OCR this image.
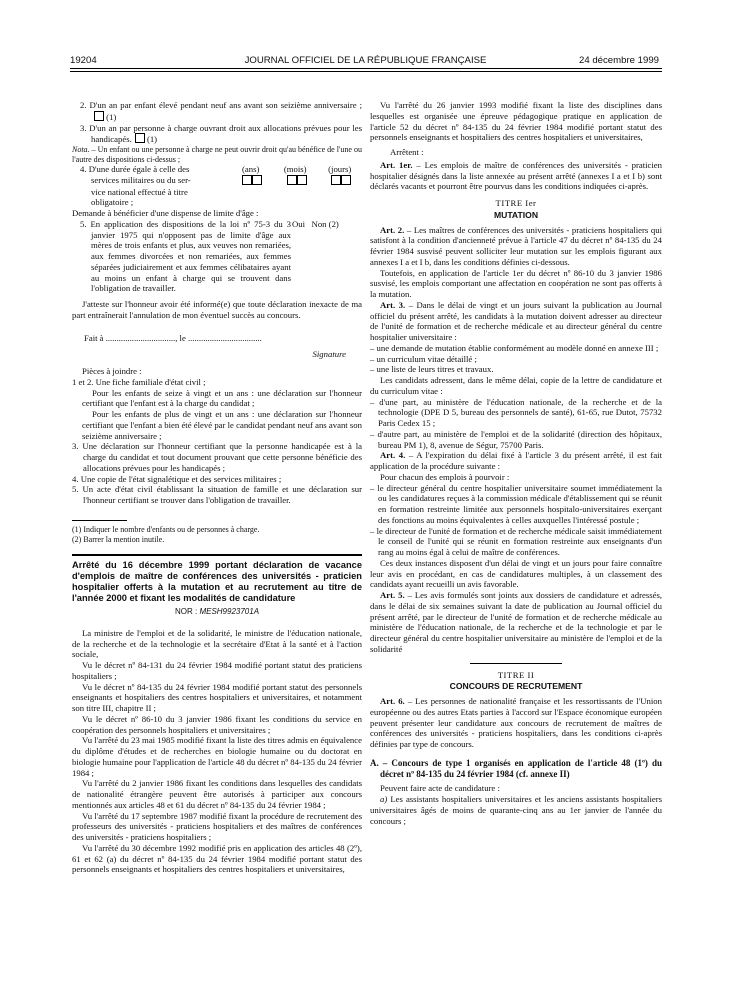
19204	JOURNAL OFFICIEL DE LA RÉPUBLIQUE FRANÇAISE	24 décembre 1999
2. D'un an par enfant élevé pendant neuf ans avant son seizième anniversaire ; (1)
3. D'un an par personne à charge ouvrant droit aux allocations prévues pour les handicapés. (1)
Nota. – Un enfant ou une personne à charge ne peut ouvrir droit qu'au bénéfice de l'une ou l'autre des dispositions ci-dessus ;
4. D'une durée égale à celle des	(ans)	(mois)	(jours)
services militaires ou du ser-
vice national effectué à titre
obligatoire ;
Demande à bénéficier d'une dispense de limite d'âge :
5. En application des dispositions de la loi nº 75-3 du 3 janvier 1975 qui n'opposent pas de limite d'âge aux mères de trois enfants et plus, aux veuves non remariées, aux femmes divorcées et non remariées, aux femmes séparées judiciairement et aux femmes célibataires ayant au moins un enfant à charge qui se trouvent dans l'obligation de travailler.
Oui Non (2)
J'atteste sur l'honneur avoir été informé(e) que toute déclaration inexacte de ma part entraînerait l'annulation de mon éventuel succès au concours.
Fait à ................................, le ..................................
Signature
Pièces à joindre :
1 et 2. Une fiche familiale d'état civil ;
Pour les enfants de seize à vingt et un ans : une déclaration sur l'honneur certifiant que l'enfant est à la charge du candidat ;
Pour les enfants de plus de vingt et un ans : une déclaration sur l'honneur certifiant que l'enfant a bien été élevé par le candidat pendant neuf ans avant son seizième anniversaire ;
3. Une déclaration sur l'honneur certifiant que la personne handicapée est à la charge du candidat et tout document prouvant que cette personne bénéficie des allocations prévues pour les handicapés ;
4. Une copie de l'état signalétique et des services militaires ;
5. Un acte d'état civil établissant la situation de famille et une déclaration sur l'honneur certifiant se trouver dans l'obligation de travailler.
(1) Indiquer le nombre d'enfants ou de personnes à charge.
(2) Barrer la mention inutile.
Arrêté du 16 décembre 1999 portant déclaration de vacance d'emplois de maître de conférences des universités - praticien hospitalier offerts à la mutation et au recrutement au titre de l'année 2000 et fixant les modalités de candidature
NOR : MESH9923701A
La ministre de l'emploi et de la solidarité, le ministre de l'éducation nationale, de la recherche et de la technologie et la secrétaire d'Etat à la santé et à l'action sociale,
Vu le décret nº 84-131 du 24 février 1984 modifié portant statut des praticiens hospitaliers ;
Vu le décret nº 84-135 du 24 février 1984 modifié portant statut des personnels enseignants et hospitaliers des centres hospitaliers et universitaires, et notamment son titre III, chapitre II ;
Vu le décret nº 86-10 du 3 janvier 1986 fixant les conditions du service en coopération des personnels hospitaliers et universitaires ;
Vu l'arrêté du 23 mai 1985 modifié fixant la liste des titres admis en équivalence du diplôme d'études et de recherches en biologie humaine ou du doctorat en biologie humaine pour l'application de l'article 48 du décret nº 84-135 du 24 février 1984 ;
Vu l'arrêté du 2 janvier 1986 fixant les conditions dans lesquelles des candidats de nationalité étrangère peuvent être autorisés à participer aux concours mentionnés aux articles 48 et 61 du décret nº 84-135 du 24 février 1984 ;
Vu l'arrêté du 17 septembre 1987 modifié fixant la procédure de recrutement des professeurs des universités - praticiens hospitaliers et des maîtres de conférences des universités - praticiens hospitaliers ;
Vu l'arrêté du 30 décembre 1992 modifié pris en application des articles 48 (2º), 61 et 62 (a) du décret nº 84-135 du 24 février 1984 modifié portant statut des personnels enseignants et hospitaliers des centres hospitaliers et universitaires,
Vu l'arrêté du 26 janvier 1993 modifié fixant la liste des disciplines dans lesquelles est organisée une épreuve pédagogique pratique en application de l'article 52 du décret nº 84-135 du 24 février 1984 modifié portant statut des personnels enseignants et hospitaliers des centres hospitaliers et universitaires,
Arrêtent :
Art. 1er. – Les emplois de maître de conférences des universités - praticien hospitalier désignés dans la liste annexée au présent arrêté (annexes I a et I b) sont déclarés vacants et pourront être pourvus dans les conditions indiquées ci-après.
TITRE Ier
MUTATION
Art. 2. – Les maîtres de conférences des universités - praticiens hospitaliers qui satisfont à la condition d'ancienneté prévue à l'article 47 du décret nº 84-135 du 24 février 1984 susvisé peuvent solliciter leur mutation sur les emplois figurant aux annexes I a et I b, dans les conditions définies ci-dessous.
Toutefois, en application de l'article 1er du décret nº 86-10 du 3 janvier 1986 susvisé, les emplois comportant une affectation en coopération ne sont pas offerts à la mutation.
Art. 3. – Dans le délai de vingt et un jours suivant la publication au Journal officiel du présent arrêté, les candidats à la mutation doivent adresser au directeur de l'unité de formation et de recherche médicale et au directeur général du centre hospitalier universitaire :
– une demande de mutation établie conformément au modèle donné en annexe III ;
– un curriculum vitae détaillé ;
– une liste de leurs titres et travaux.
Les candidats adressent, dans le même délai, copie de la lettre de candidature et du curriculum vitae :
– d'une part, au ministère de l'éducation nationale, de la recherche et de la technologie (DPE D 5, bureau des personnels de santé), 61-65, rue Dutot, 75732 Paris Cedex 15 ;
– d'autre part, au ministère de l'emploi et de la solidarité (direction des hôpitaux, bureau PM 1), 8, avenue de Ségur, 75700 Paris.
Art. 4. – A l'expiration du délai fixé à l'article 3 du présent arrêté, il est fait application de la procédure suivante :
Pour chacun des emplois à pourvoir :
– le directeur général du centre hospitalier universitaire soumet immédiatement la ou les candidatures reçues à la commission médicale d'établissement qui se réunit en formation restreinte limitée aux personnels hospitalo-universitaires exerçant des fonctions au moins équivalentes à celles auxquelles l'intéressé postule ;
– le directeur de l'unité de formation et de recherche médicale saisit immédiatement le conseil de l'unité qui se réunit en formation restreinte aux enseignants d'un rang au moins égal à celui de maître de conférences.
Ces deux instances disposent d'un délai de vingt et un jours pour faire connaître leur avis en procédant, en cas de candidatures multiples, à un classement des candidats ayant recueilli un avis favorable.
Art. 5. – Les avis formulés sont joints aux dossiers de candidature et adressés, dans le délai de six semaines suivant la date de publication au Journal officiel du présent arrêté, par le directeur de l'unité de formation et de recherche médicale au ministère de l'éducation nationale, de la recherche et de la technologie et par le directeur général du centre hospitalier universitaire au ministère de l'emploi et de la solidarité
TITRE II
CONCOURS DE RECRUTEMENT
Art. 6. – Les personnes de nationalité française et les ressortissants de l'Union européenne ou des autres Etats parties à l'accord sur l'Espace économique européen peuvent présenter leur candidature aux concours de recrutement de maîtres de conférences des universités - praticiens hospitaliers, dans les conditions ci-après définies par type de concours.
A. – Concours de type 1 organisés en application de l'article 48 (1º) du décret nº 84-135 du 24 février 1984 (cf. annexe II)
Peuvent faire acte de candidature :
a) Les assistants hospitaliers universitaires et les anciens assistants hospitaliers universitaires âgés de moins de quarante-cinq ans au 1er janvier de l'année du concours ;
